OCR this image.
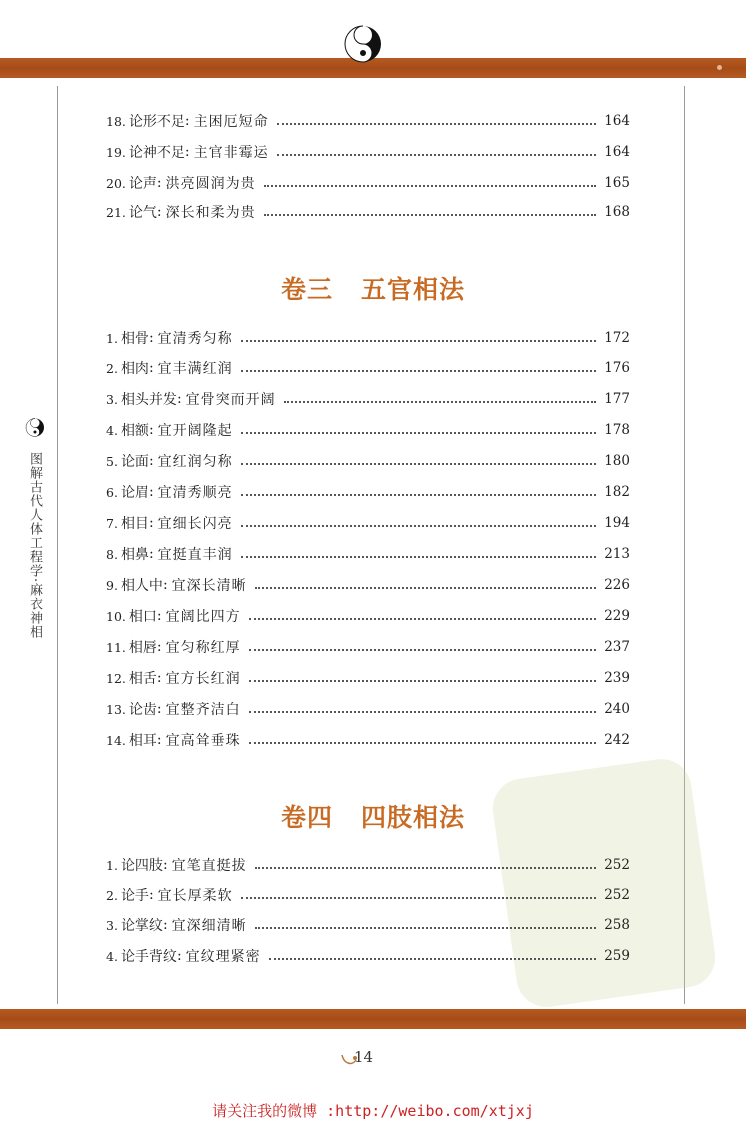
图解古代人体工程学·麻衣神相
18. 论形不足 : 主困厄短命	164
19. 论神不足 : 主官非霉运	164
20. 论声 : 洪亮圆润为贵	165
21. 论气 : 深长和柔为贵	168
卷三 五官相法
1. 相骨 : 宜清秀匀称	172
2. 相肉 : 宜丰满红润	176
3. 相头并发 : 宜骨突而开阔	177
4. 相额 : 宜开阔隆起	178
5. 论面 : 宜红润匀称	180
6. 论眉 : 宜清秀顺亮	182
7. 相目 : 宜细长闪亮	194
8. 相鼻 : 宜挺直丰润	213
9. 相人中 : 宜深长清晰	226
10. 相口 : 宜阔比四方	229
11. 相唇 : 宜匀称红厚	237
12. 相舌 : 宜方长红润	239
13. 论齿 : 宜整齐洁白	240
14. 相耳 : 宜高耸垂珠	242
卷四 四肢相法
1. 论四肢 : 宜笔直挺拔	252
2. 论手 : 宜长厚柔软	252
3. 论掌纹 : 宜深细清晰	258
4. 论手背纹 : 宜纹理紧密	259
14
请关注我的微博 :http://weibo.com/xtjxj
